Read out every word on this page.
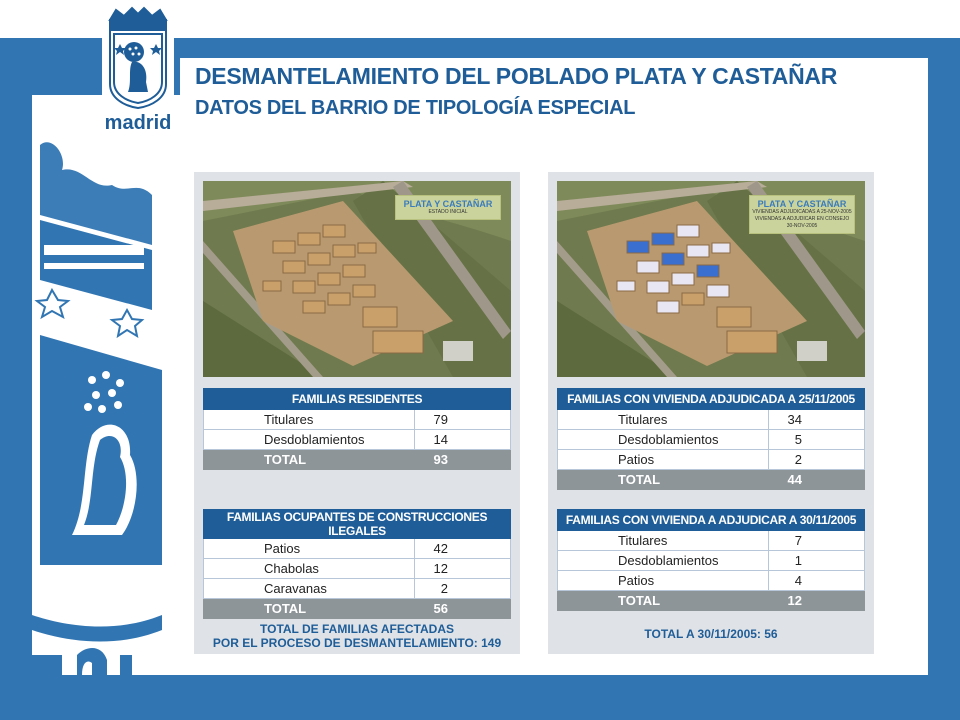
madrid
DESMANTELAMIENTO DEL POBLADO PLATA Y CASTAÑAR
DATOS DEL BARRIO DE TIPOLOGÍA ESPECIAL
PLATA Y CASTAÑAR
ESTADO INICIAL
FAMILIAS RESIDENTES	
Titulares	79
Desdoblamientos	14
TOTAL	93
FAMILIAS OCUPANTES DE CONSTRUCCIONES ILEGALES	
Patios	42
Chabolas	12
Caravanas	2
TOTAL	56
TOTAL DE FAMILIAS AFECTADAS
POR EL PROCESO DE DESMANTELAMIENTO: 149
PLATA Y CASTAÑAR
VIVIENDAS ADJUDICADAS A 25-NOV-2005
VIVIENDAS A ADJUDICAR EN CONSEJO 30-NOV-2005
FAMILIAS CON VIVIENDA ADJUDICADA A 25/11/2005	
Titulares	34
Desdoblamientos	5
Patios	2
TOTAL	44
FAMILIAS CON VIVIENDA A ADJUDICAR A 30/11/2005	
Titulares	7
Desdoblamientos	1
Patios	4
TOTAL	12
TOTAL A 30/11/2005: 56
